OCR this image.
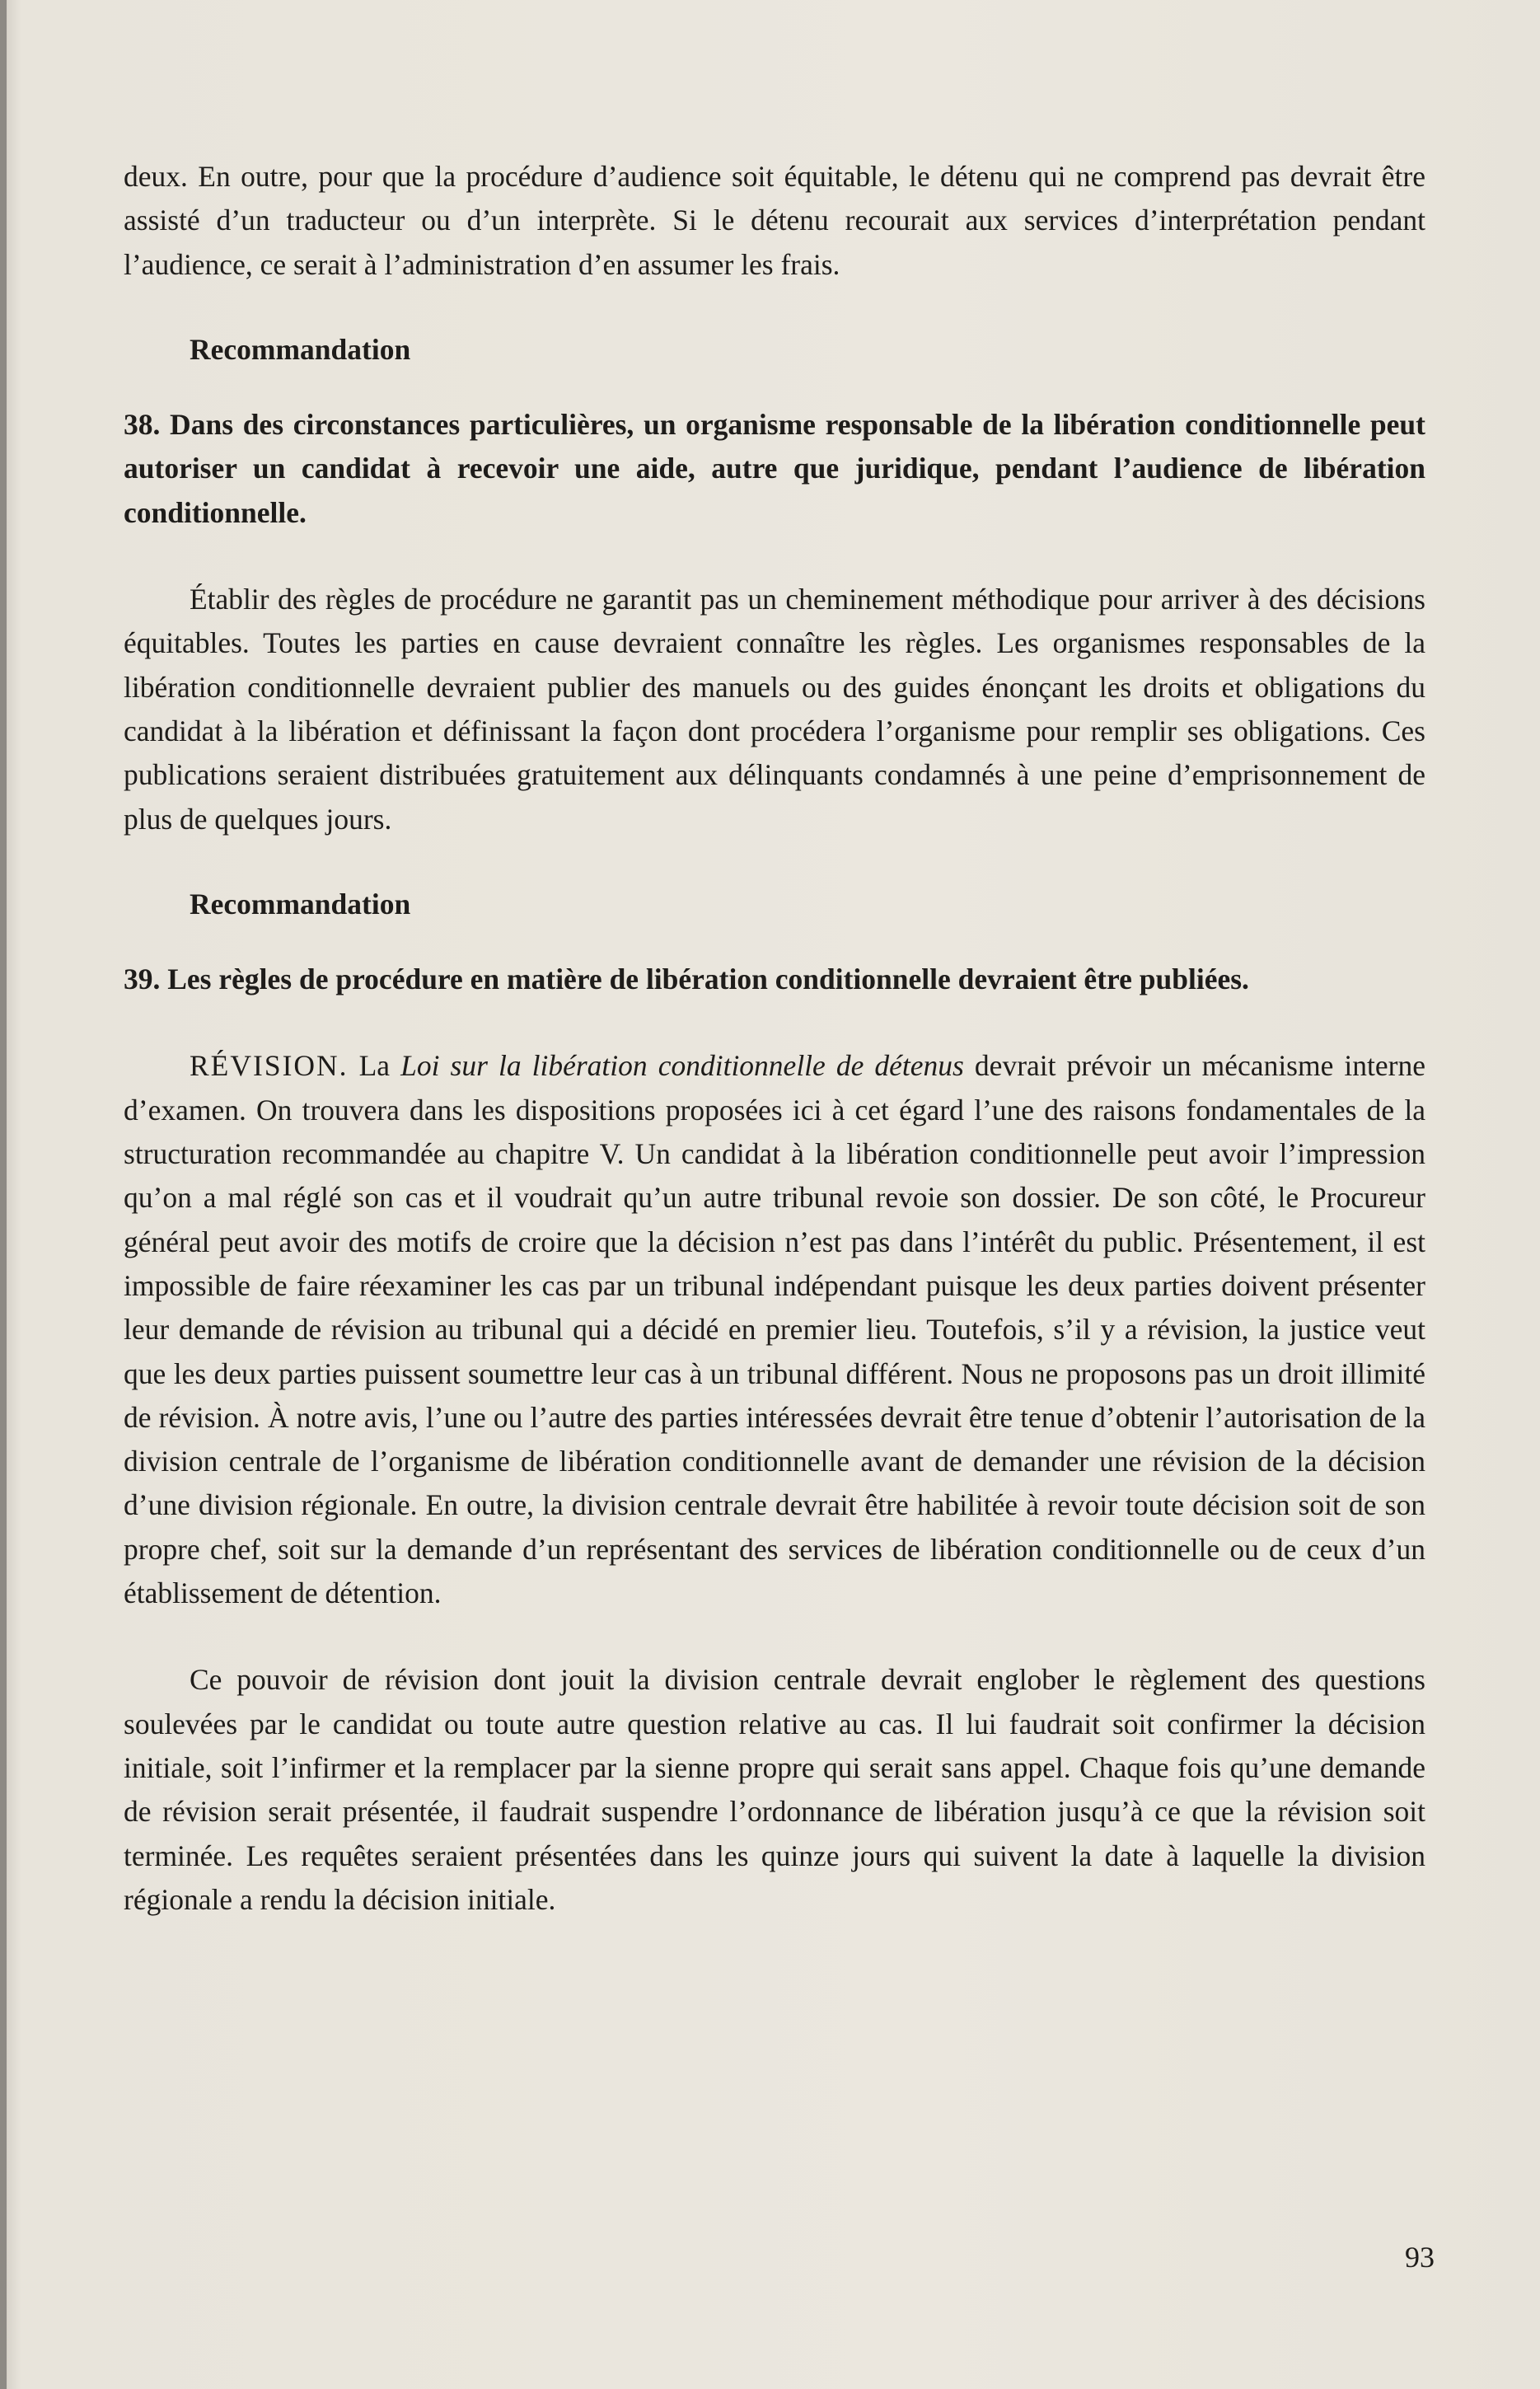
deux. En outre, pour que la procédure d’audience soit équitable, le détenu qui ne comprend pas devrait être assisté d’un traducteur ou d’un interprète. Si le détenu recourait aux services d’interprétation pendant l’audience, ce serait à l’administration d’en assumer les frais.

Recommandation

38. Dans des circonstances particulières, un organisme responsable de la libération conditionnelle peut autoriser un candidat à recevoir une aide, autre que juridique, pendant l’audience de libération conditionnelle.

Établir des règles de procédure ne garantit pas un cheminement méthodique pour arriver à des décisions équitables. Toutes les parties en cause devraient connaître les règles. Les organismes responsables de la libération conditionnelle devraient publier des manuels ou des guides énonçant les droits et obligations du candidat à la libération et définissant la façon dont procédera l’organisme pour remplir ses obligations. Ces publications seraient distribuées gratuitement aux délinquants condamnés à une peine d’emprisonnement de plus de quelques jours.

Recommandation

39. Les règles de procédure en matière de libération conditionnelle devraient être publiées.

RÉVISION. La Loi sur la libération conditionnelle de détenus devrait prévoir un mécanisme interne d’examen. On trouvera dans les dispositions proposées ici à cet égard l’une des raisons fondamentales de la structuration recommandée au chapitre V. Un candidat à la libération conditionnelle peut avoir l’impression qu’on a mal réglé son cas et il voudrait qu’un autre tribunal revoie son dossier. De son côté, le Procureur général peut avoir des motifs de croire que la décision n’est pas dans l’intérêt du public. Présentement, il est impossible de faire réexaminer les cas par un tribunal indépendant puisque les deux parties doivent présenter leur demande de révision au tribunal qui a décidé en premier lieu. Toutefois, s’il y a révision, la justice veut que les deux parties puissent soumettre leur cas à un tribunal différent. Nous ne proposons pas un droit illimité de révision. À notre avis, l’une ou l’autre des parties intéressées devrait être tenue d’obtenir l’autorisation de la division centrale de l’organisme de libération conditionnelle avant de demander une révision de la décision d’une division régionale. En outre, la division centrale devrait être habilitée à revoir toute décision soit de son propre chef, soit sur la demande d’un représentant des services de libération conditionnelle ou de ceux d’un établissement de détention.

Ce pouvoir de révision dont jouit la division centrale devrait englober le règlement des questions soulevées par le candidat ou toute autre question relative au cas. Il lui faudrait soit confirmer la décision initiale, soit l’infirmer et la remplacer par la sienne propre qui serait sans appel. Chaque fois qu’une demande de révision serait présentée, il faudrait suspendre l’ordonnance de libération jusqu’à ce que la révision soit terminée. Les requêtes seraient présentées dans les quinze jours qui suivent la date à laquelle la division régionale a rendu la décision initiale.

93
